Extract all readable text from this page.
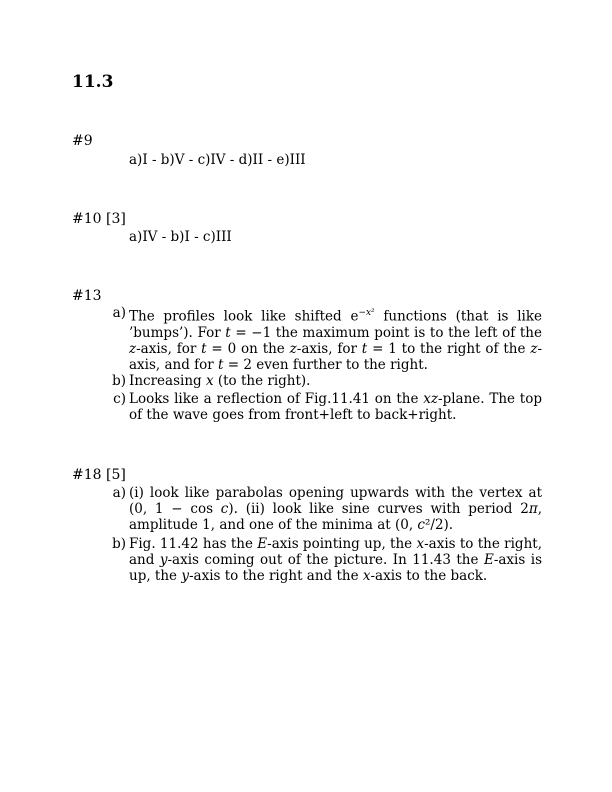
11.3
#9
a)I - b)V - c)IV - d)II - e)III
#10 [3]
a)IV - b)I - c)III
#13
a) The profiles look like shifted $e^{-x^2}$ functions (that is like ’bumps’). For t = −1 the maximum point is to the left of the z-axis, for t = 0 on the z-axis, for t = 1 to the right of the z-axis, and for t = 2 even further to the right.
b) Increasing x (to the right).
c) Looks like a reflection of Fig.11.41 on the xz-plane. The top of the wave goes from front+left to back+right.
#18 [5]
a) (i) look like parabolas opening upwards with the vertex at (0, 1 − cos c). (ii) look like sine curves with period 2π, amplitude 1, and one of the minima at (0, c²/2).
b) Fig. 11.42 has the E-axis pointing up, the x-axis to the right, and y-axis coming out of the picture. In 11.43 the E-axis is up, the y-axis to the right and the x-axis to the back.
